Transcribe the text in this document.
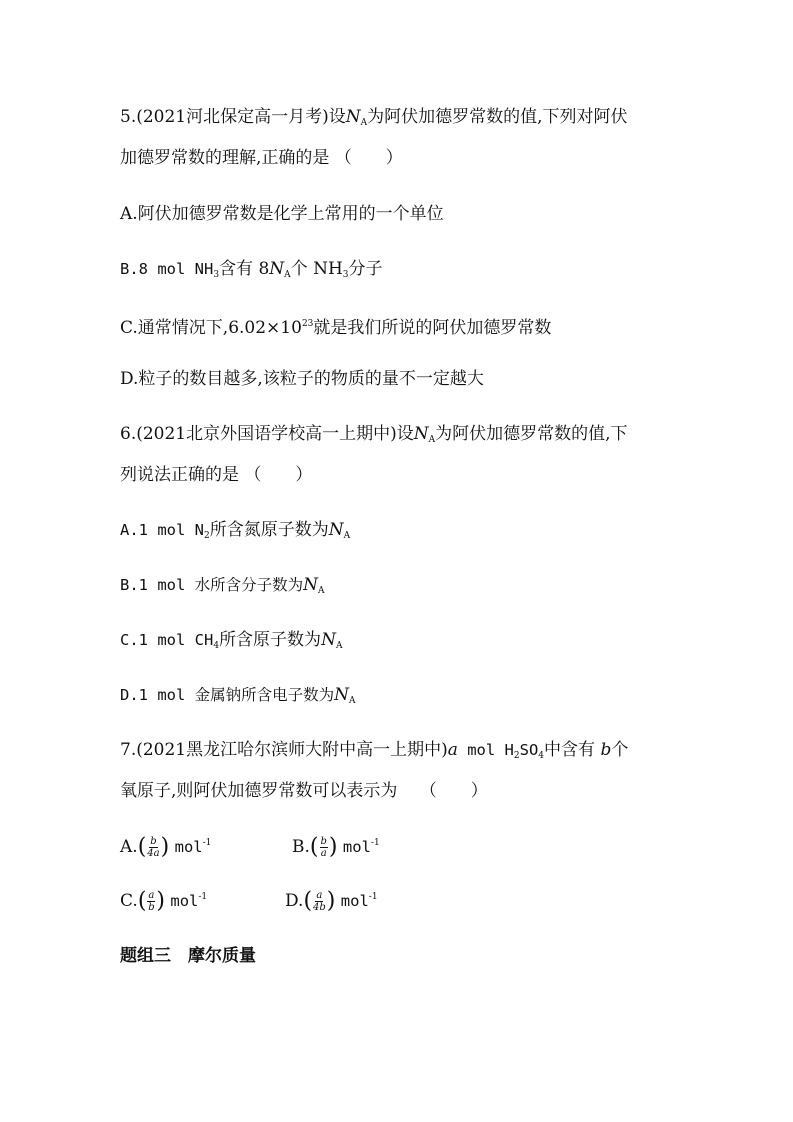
5.(2021河北保定高一月考)设$N_A$为阿伏加德罗常数的值,下列对阿伏
加德罗常数的理解,正确的是 （　　）
A.阿伏加德罗常数是化学上常用的一个单位
B.8 mol $NH_3$含有 $8N_A$个 $NH_3$分子
C.通常情况下$,6.02\times 10^{23}$就是我们所说的阿伏加德罗常数
D.粒子的数目越多,该粒子的物质的量不一定越大
6.(2021北京外国语学校高一上期中)设$N_A$为阿伏加德罗常数的值,下
列说法正确的是 （　　）
A.1 mol $N_2$所含氮原子数为$N_A$
B.1 mol 水所含分子数为$N_A$
C.1 mol $CH_4$所含原子数为$N_A$
D.1 mol 金属钠所含电子数为$N_A$
7.(2021黑龙江哈尔滨师大附中高一上期中)a mol $H_2SO_4$中含有 b个
氧原子,则阿伏加德罗常数可以表示为　 （　　）
$A.( \frac{b}{4a}$ ) mol$^{-1}$	$B.( \frac{b}{a}$ ) mol$^{-1}$
$C.( \frac{a}{b}$ ) mol$^{-1}$	$D.( \frac{a}{4b}$ ) mol$^{-1}$
题组三　摩尔质量
